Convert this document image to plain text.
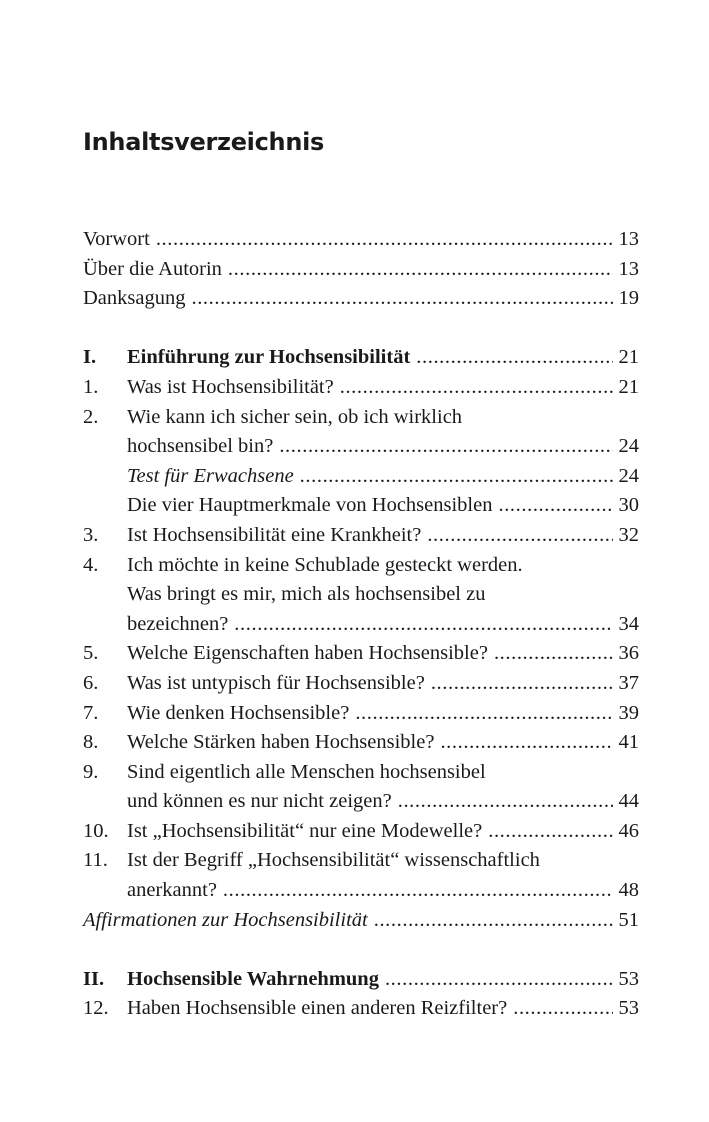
Inhaltsverzeichnis
Vorwort .....	13
Über die Autorin .....	13
Danksagung .....	19
I.	Einführung zur Hochsensibilität .....	21
1.	Was ist Hochsensibilität? .....	21
2.	Wie kann ich sicher sein, ob ich wirklich
hochsensibel bin? .....	24
Test für Erwachsene .....	24
Die vier Hauptmerkmale von Hochsensiblen .....	30
3.	Ist Hochsensibilität eine Krankheit? .....	32
4.	Ich möchte in keine Schublade gesteckt werden.
Was bringt es mir, mich als hochsensibel zu
bezeichnen? .....	34
5.	Welche Eigenschaften haben Hochsensible? .....	36
6.	Was ist untypisch für Hochsensible? .....	37
7.	Wie denken Hochsensible? .....	39
8.	Welche Stärken haben Hochsensible? .....	41
9.	Sind eigentlich alle Menschen hochsensibel
und können es nur nicht zeigen? .....	44
10. Ist „Hochsensibilität“ nur eine Modewelle? .....	46
11. Ist der Begriff „Hochsensibilität“ wissenschaftlich
anerkannt? .....	48
Affirmationen zur Hochsensibilität .....	51
II.	Hochsensible Wahrnehmung .....	53
12. Haben Hochsensible einen anderen Reizfilter? .....	53
